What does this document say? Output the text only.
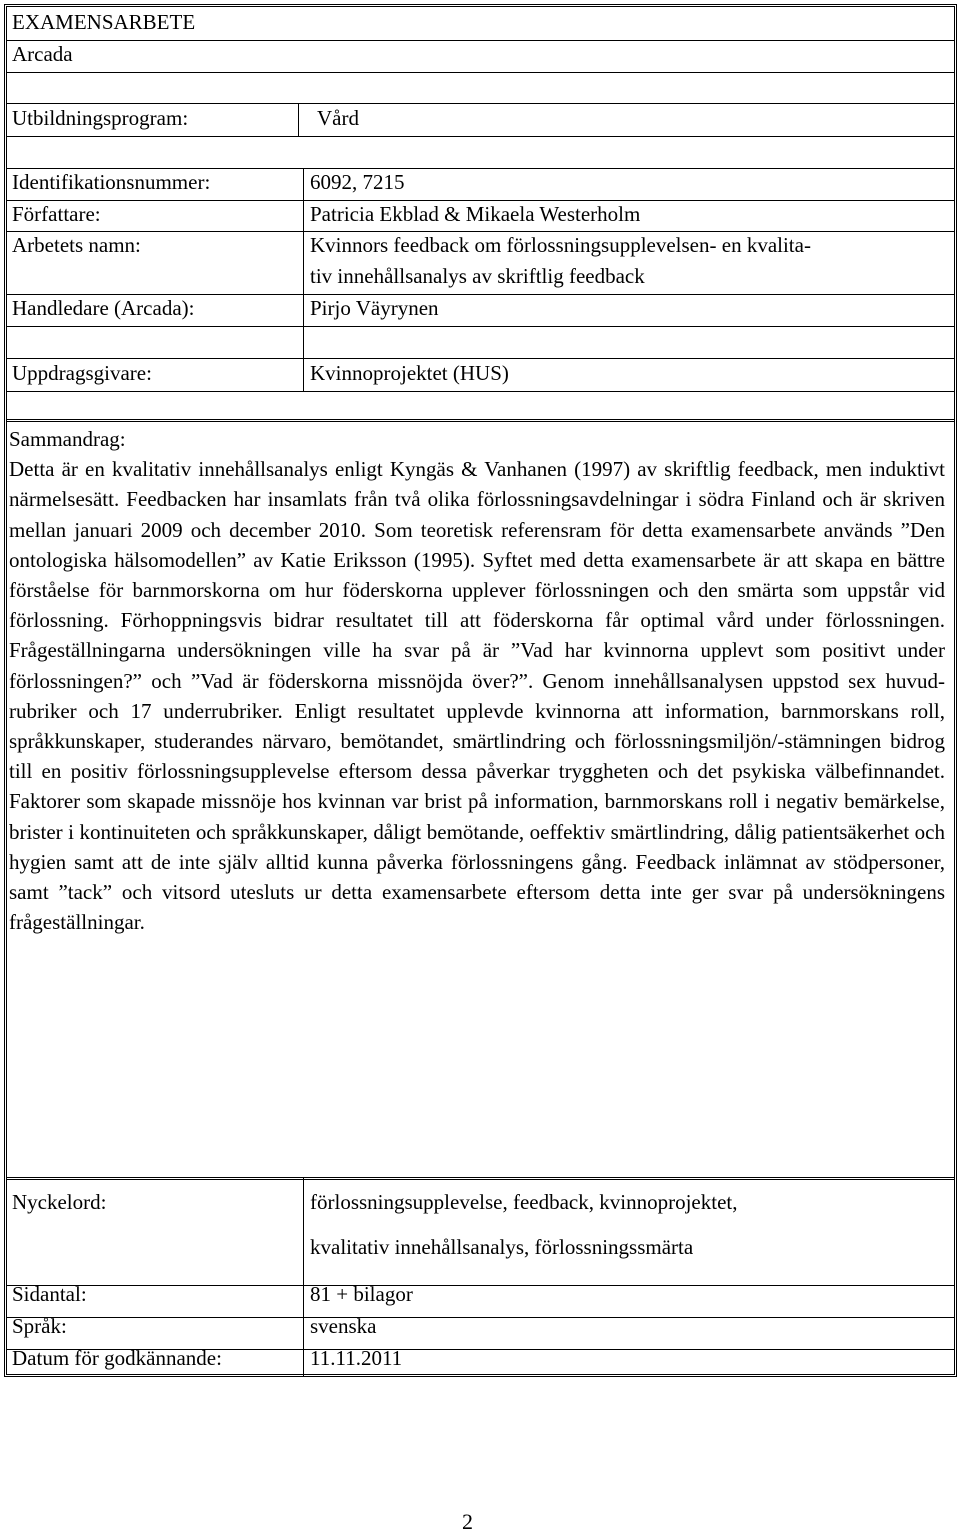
EXAMENSARBETE
Arcada
Utbildningsprogram:	Vård
Identifikationsnummer:	6092, 7215
Författare:	Patricia Ekblad & Mikaela Westerholm
Arbetets namn:	Kvinnors feedback om förlossningsupplevelsen- en kvalita-
tiv innehållsanalys av skriftlig feedback
Handledare (Arcada):	Pirjo Väyrynen
Uppdragsgivare:	Kvinnoprojektet (HUS)

Sammandrag:

Detta är en kvalitativ innehållsanalys enligt Kyngäs & Vanhanen (1997) av skriftlig feedback, men induktivt närmelsesätt. Feedbacken har insamlats från två olika förlossningsavdelningar i södra Finland och är skriven mellan januari 2009 och december 2010. Som teoretisk referensram för detta examensarbete används ”Den ontologiska hälsomodellen” av Katie Eriksson (1995). Syftet med detta examensarbete är att skapa en bättre förståelse för barnmorskorna om hur föderskorna upplever förlossningen och den smärta som uppstår vid förlossning. Förhoppningsvis bidrar resultatet till att föderskorna får optimal vård under förlossningen. Frågeställningarna undersökningen ville ha svar på är ”Vad har kvinnorna upplevt som positivt under förlossningen?” och ”Vad är föderskorna missnöjda över?”. Genom innehållsanalysen uppstod sex huvudrubriker och 17 underrubriker. Enligt resultatet upplevde kvinnorna att information, barnmorskans roll, språkkunskaper, studerandes närvaro, bemötandet, smärtlindring och förlossningsmiljön/-stämningen bidrog till en positiv förlossningsupplevelse eftersom dessa påverkar tryggheten och det psykiska välbefinnandet. Faktorer som skapade missnöje hos kvinnan var brist på information, barnmorskans roll i negativ bemärkelse, brister i kontinuiteten och språkkunskaper, dåligt bemötande, oeffektiv smärtlindring, dålig patientsäkerhet och hygien samt att de inte själv alltid kunna påverka förlossningens gång. Feedback inlämnat av stödpersoner, samt ”tack” och vitsord utesluts ur detta examensarbete eftersom detta inte ger svar på undersökningens frågeställningar.

Nyckelord:	förlossningsupplevelse, feedback, kvinnoprojektet,
kvalitativ innehållsanalys, förlossningssmärta
Sidantal:	81 + bilagor
Språk:	svenska
Datum för godkännande:	11.11.2011
2
